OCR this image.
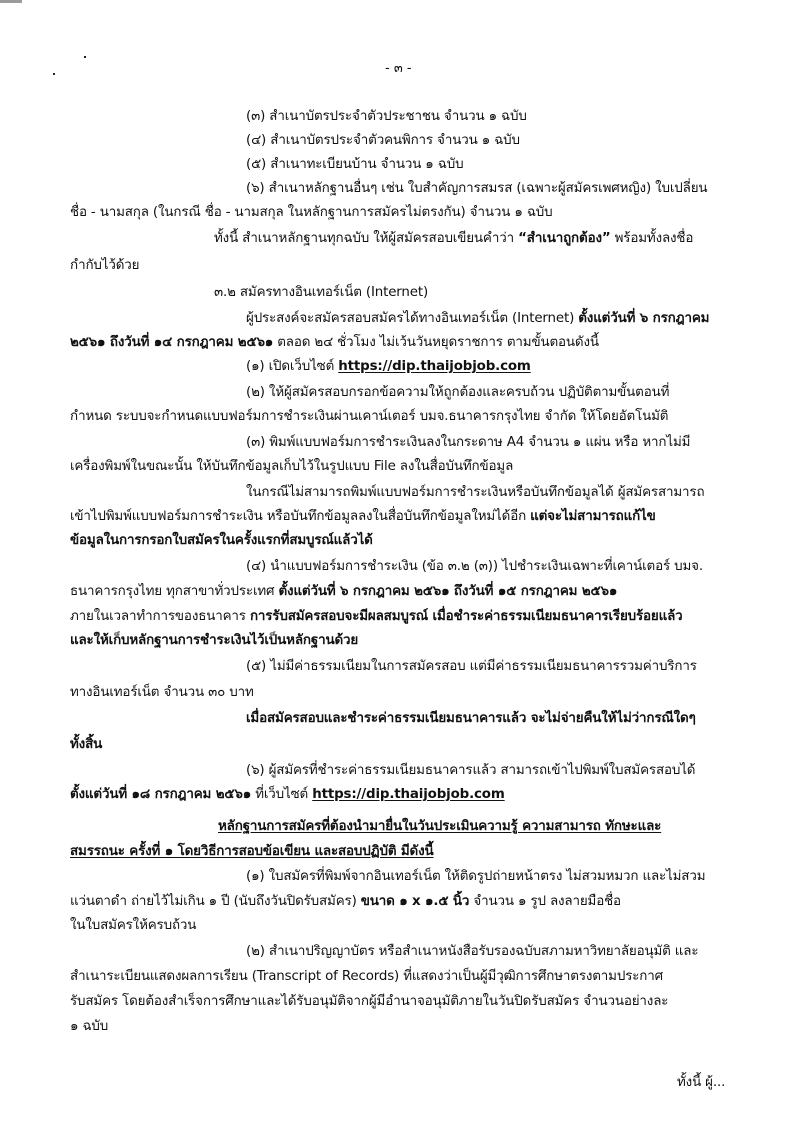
- ๓ -
(๓) สำเนาบัตรประจำตัวประชาชน จำนวน ๑ ฉบับ
(๔) สำเนาบัตรประจำตัวคนพิการ จำนวน ๑ ฉบับ
(๕) สำเนาทะเบียนบ้าน จำนวน ๑ ฉบับ
(๖) สำเนาหลักฐานอื่นๆ เช่น ใบสำคัญการสมรส (เฉพาะผู้สมัครเพศหญิง) ใบเปลี่ยน
ชื่อ - นามสกุล (ในกรณี ชื่อ - นามสกุล ในหลักฐานการสมัครไม่ตรงกัน) จำนวน ๑ ฉบับ
ทั้งนี้ สำเนาหลักฐานทุกฉบับ ให้ผู้สมัครสอบเขียนคำว่า “สำเนาถูกต้อง” พร้อมทั้งลงชื่อ
กำกับไว้ด้วย
๓.๒ สมัครทางอินเทอร์เน็ต (Internet)
ผู้ประสงค์จะสมัครสอบสมัครได้ทางอินเทอร์เน็ต (Internet) ตั้งแต่วันที่ ๖ กรกฎาคม
๒๕๖๑ ถึงวันที่ ๑๔ กรกฎาคม ๒๕๖๑ ตลอด ๒๔ ชั่วโมง ไม่เว้นวันหยุดราชการ ตามขั้นตอนดังนี้
(๑) เปิดเว็บไซต์ https://dip.thaijobjob.com
(๒) ให้ผู้สมัครสอบกรอกข้อความให้ถูกต้องและครบถ้วน ปฏิบัติตามขั้นตอนที่
กำหนด ระบบจะกำหนดแบบฟอร์มการชำระเงินผ่านเคาน์เตอร์ บมจ.ธนาคารกรุงไทย จำกัด ให้โดยอัตโนมัติ
(๓) พิมพ์แบบฟอร์มการชำระเงินลงในกระดาษ A4 จำนวน ๑ แผ่น หรือ หากไม่มี
เครื่องพิมพ์ในขณะนั้น ให้บันทึกข้อมูลเก็บไว้ในรูปแบบ File ลงในสื่อบันทึกข้อมูล
ในกรณีไม่สามารถพิมพ์แบบฟอร์มการชำระเงินหรือบันทึกข้อมูลได้ ผู้สมัครสามารถ
เข้าไปพิมพ์แบบฟอร์มการชำระเงิน หรือบันทึกข้อมูลลงในสื่อบันทึกข้อมูลใหม่ได้อีก แต่จะไม่สามารถแก้ไข
ข้อมูลในการกรอกใบสมัครในครั้งแรกที่สมบูรณ์แล้วได้
(๔) นำแบบฟอร์มการชำระเงิน (ข้อ ๓.๒ (๓)) ไปชำระเงินเฉพาะที่เคาน์เตอร์ บมจ.
ธนาคารกรุงไทย ทุกสาขาทั่วประเทศ ตั้งแต่วันที่ ๖ กรกฎาคม ๒๕๖๑ ถึงวันที่ ๑๕ กรกฎาคม ๒๕๖๑
ภายในเวลาทำการของธนาคาร การรับสมัครสอบจะมีผลสมบูรณ์ เมื่อชำระค่าธรรมเนียมธนาคารเรียบร้อยแล้ว
และให้เก็บหลักฐานการชำระเงินไว้เป็นหลักฐานด้วย
(๕) ไม่มีค่าธรรมเนียมในการสมัครสอบ แต่มีค่าธรรมเนียมธนาคารรวมค่าบริการ
ทางอินเทอร์เน็ต จำนวน ๓๐ บาท
เมื่อสมัครสอบและชำระค่าธรรมเนียมธนาคารแล้ว จะไม่จ่ายคืนให้ไม่ว่ากรณีใดๆ
ทั้งสิ้น
(๖) ผู้สมัครที่ชำระค่าธรรมเนียมธนาคารแล้ว สามารถเข้าไปพิมพ์ใบสมัครสอบได้
ตั้งแต่วันที่ ๑๘ กรกฎาคม ๒๕๖๑ ที่เว็บไซต์ https://dip.thaijobjob.com
หลักฐานการสมัครที่ต้องนำมายื่นในวันประเมินความรู้ ความสามารถ ทักษะและ
สมรรถนะ ครั้งที่ ๑ โดยวิธีการสอบข้อเขียน และสอบปฏิบัติ มีดังนี้
(๑) ใบสมัครที่พิมพ์จากอินเทอร์เน็ต ให้ติดรูปถ่ายหน้าตรง ไม่สวมหมวก และไม่สวม
แว่นตาดำ ถ่ายไว้ไม่เกิน ๑ ปี (นับถึงวันปิดรับสมัคร) ขนาด ๑ x ๑.๕ นิ้ว จำนวน ๑ รูป ลงลายมือชื่อ
ในใบสมัครให้ครบถ้วน
(๒) สำเนาปริญญาบัตร หรือสำเนาหนังสือรับรองฉบับสภามหาวิทยาลัยอนุมัติ และ
สำเนาระเบียนแสดงผลการเรียน (Transcript of Records) ที่แสดงว่าเป็นผู้มีวุฒิการศึกษาตรงตามประกาศ
รับสมัคร โดยต้องสำเร็จการศึกษาและได้รับอนุมัติจากผู้มีอำนาจอนุมัติภายในวันปิดรับสมัคร จำนวนอย่างละ
๑ ฉบับ
ทั้งนี้ ผู้...
